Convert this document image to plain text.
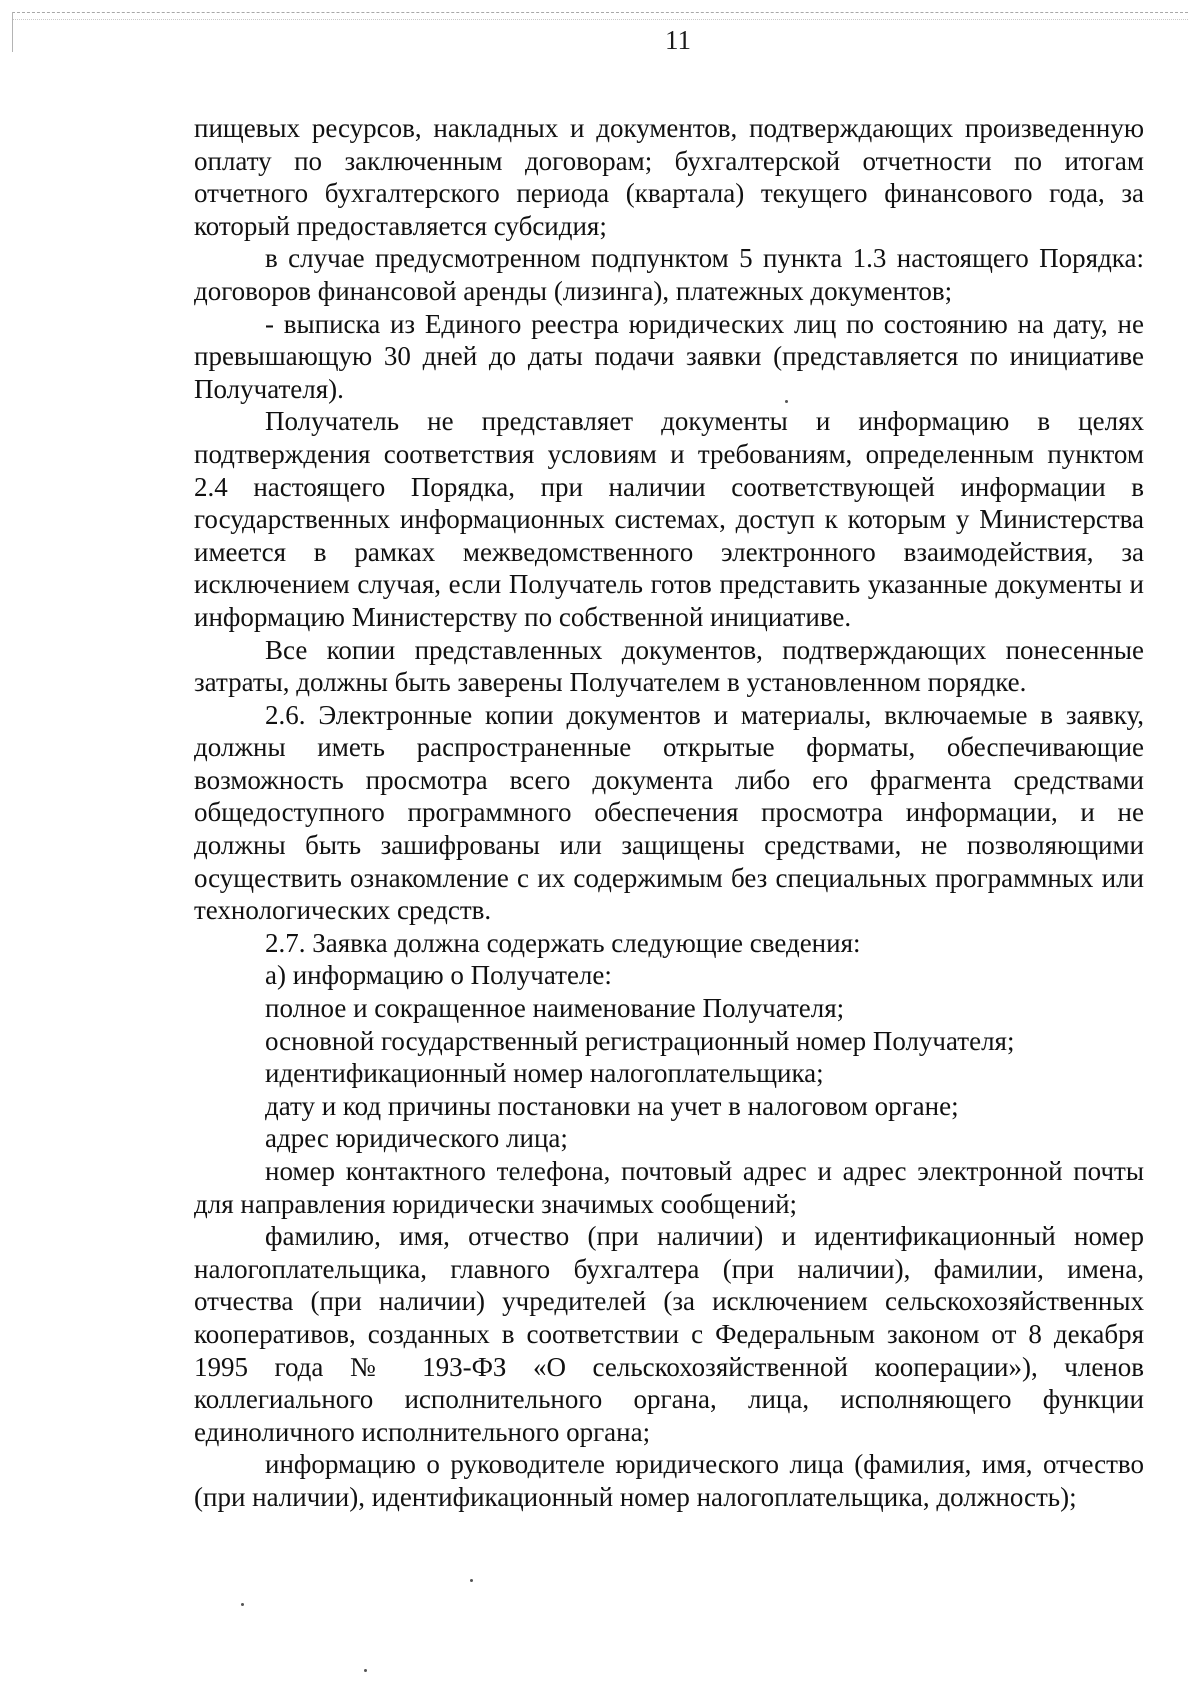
11

пищевых ресурсов, накладных и документов, подтверждающих произведенную оплату по заключенным договорам; бухгалтерской отчетности по итогам отчетного бухгалтерского периода (квартала) текущего финансового года, за который предоставляется субсидия;

в случае предусмотренном подпунктом 5 пункта 1.3 настоящего Порядка: договоров финансовой аренды (лизинга), платежных документов;

- выписка из Единого реестра юридических лиц по состоянию на дату, не превышающую 30 дней до даты подачи заявки (представляется по инициативе Получателя).

Получатель не представляет документы и информацию в целях подтверждения соответствия условиям и требованиям, определенным пунктом 2.4 настоящего Порядка, при наличии соответствующей информации в государственных информационных системах, доступ к которым у Министерства имеется в рамках межведомственного электронного взаимодействия, за исключением случая, если Получатель готов представить указанные документы и информацию Министерству по собственной инициативе.

Все копии представленных документов, подтверждающих понесенные затраты, должны быть заверены Получателем в установленном порядке.

2.6. Электронные копии документов и материалы, включаемые в заявку, должны иметь распространенные открытые форматы, обеспечивающие возможность просмотра всего документа либо его фрагмента средствами общедоступного программного обеспечения просмотра информации, и не должны быть зашифрованы или защищены средствами, не позволяющими осуществить ознакомление с их содержимым без специальных программных или технологических средств.

2.7. Заявка должна содержать следующие сведения:

а) информацию о Получателе:

полное и сокращенное наименование Получателя;

основной государственный регистрационный номер Получателя;

идентификационный номер налогоплательщика;

дату и код причины постановки на учет в налоговом органе;

адрес юридического лица;

номер контактного телефона, почтовый адрес и адрес электронной почты для направления юридически значимых сообщений;

фамилию, имя, отчество (при наличии) и идентификационный номер налогоплательщика, главного бухгалтера (при наличии), фамилии, имена, отчества (при наличии) учредителей (за исключением сельскохозяйственных кооперативов, созданных в соответствии с Федеральным законом от 8 декабря 1995 года № 193-ФЗ «О сельскохозяйственной кооперации»), членов коллегиального исполнительного органа, лица, исполняющего функции единоличного исполнительного органа;

информацию о руководителе юридического лица (фамилия, имя, отчество (при наличии), идентификационный номер налогоплательщика, должность);
